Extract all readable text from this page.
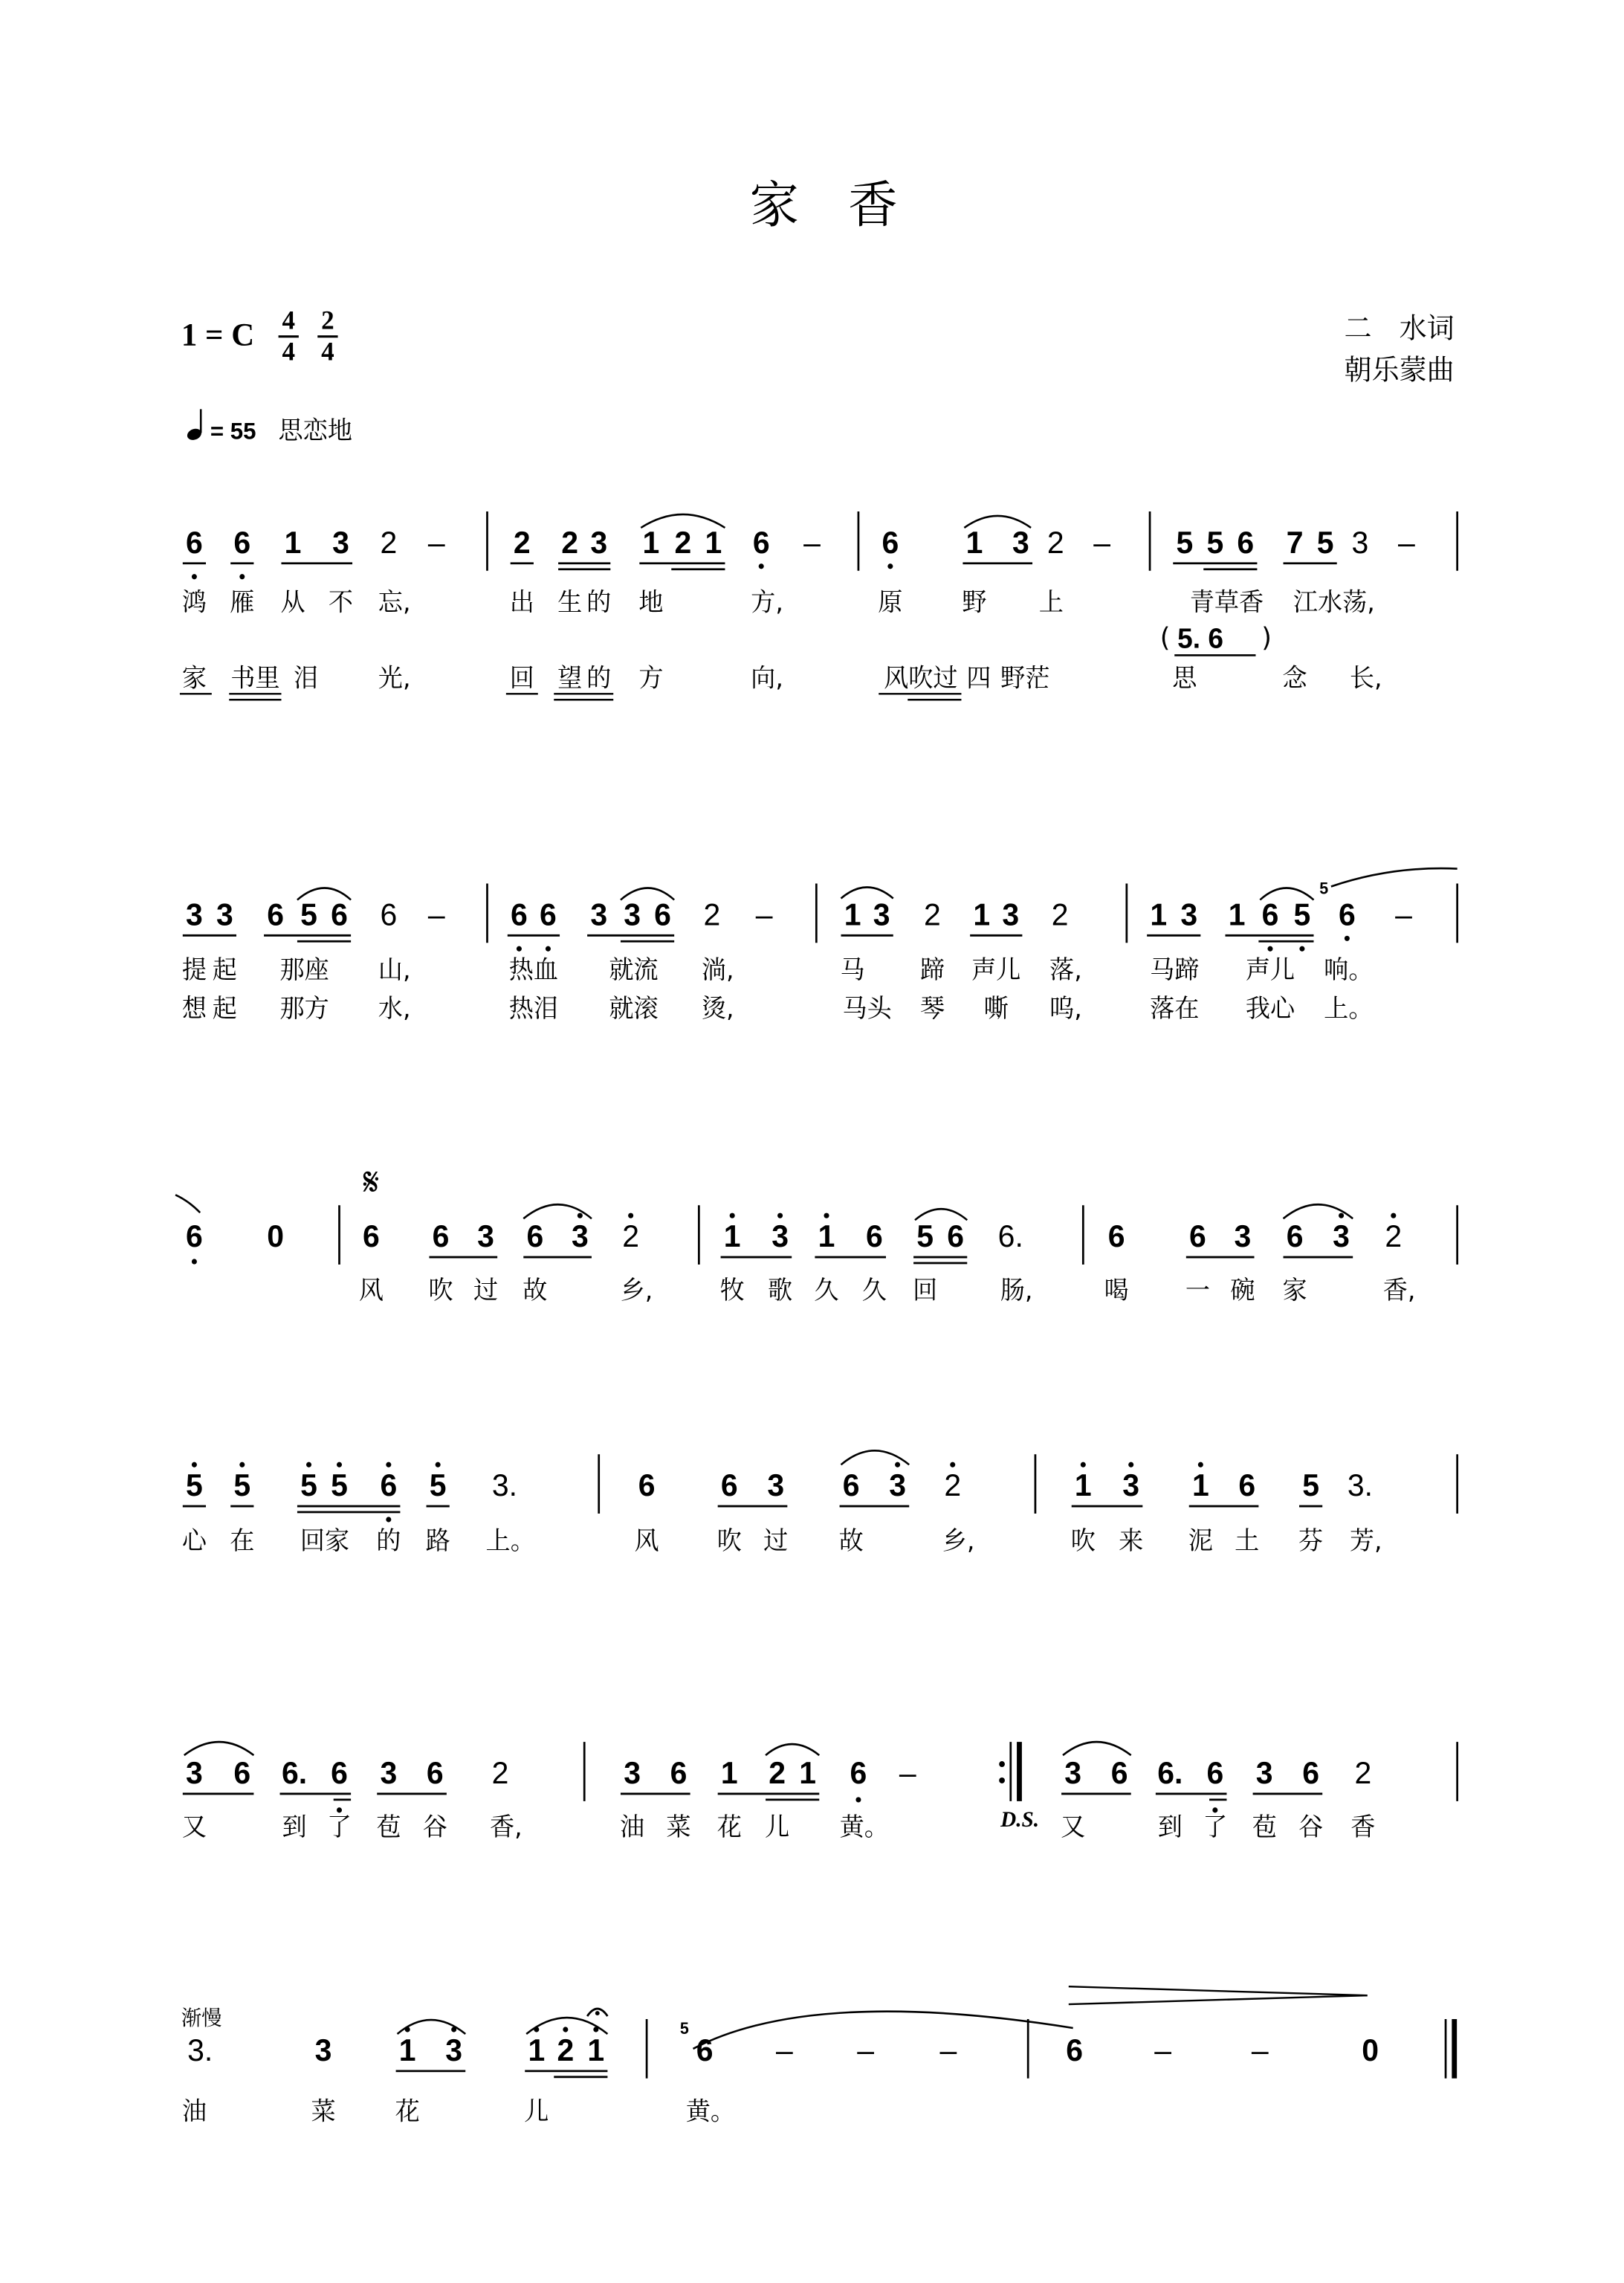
家　香
1 = C 4
4
2
4
二　水词
朝乐蒙曲
= 55 思恋地
6 6 1 3 2 –	2 2 3 1 2 1 6 –	6	1 3 2 –	5 5 6 7 5 3 –
鸿 雁 从 不 忘,	出 生 的 地	方,	原	野	上	青草香 江水荡,
家 书里 泪	光,	回 望 的 方	向,	风吹过 四 野茫	思	念	长,
( 5. 6	)
3 3 6 5 6 6 –	6 6 3 3 6 2 –	1 3 2 1 3 2	1 3 1 6 5 6	–
5
提 起	那座	山,	热血	就流	淌,	马	蹄 声儿 落,	马蹄	声儿 响。
想 起	那方	水,	热泪	就滚	烫,	马头 琴	嘶	呜,	落在	我心 上。
𝄋
6	0	6	6 3 6 3 2	1 3 1 6 5 6 6.	6	6 3 6 3 2
风	吹 过 故	乡,	牧 歌 久 久 回	肠,	喝	一 碗 家	香,
5 5	5 5 6 5	3.	6	6 3	6 3 2	1 3	1 6	5 3.
心 在	回家 的 路	上。	风	吹 过	故	乡,	吹 来	泥 土	芬 芳,
3 6 6. 6 3 6	2	3 6 1 2 1 6 –	3 6 6. 6 3 6 2
D.S.
又	到 了 苞 谷	香,	油 菜 花 儿	黄。	又	到 了 苞 谷 香
渐慢
3.	3	1 3	1 2 1	6	–	–	–	6	–	–	0
5
油	菜	花	儿	黄。
